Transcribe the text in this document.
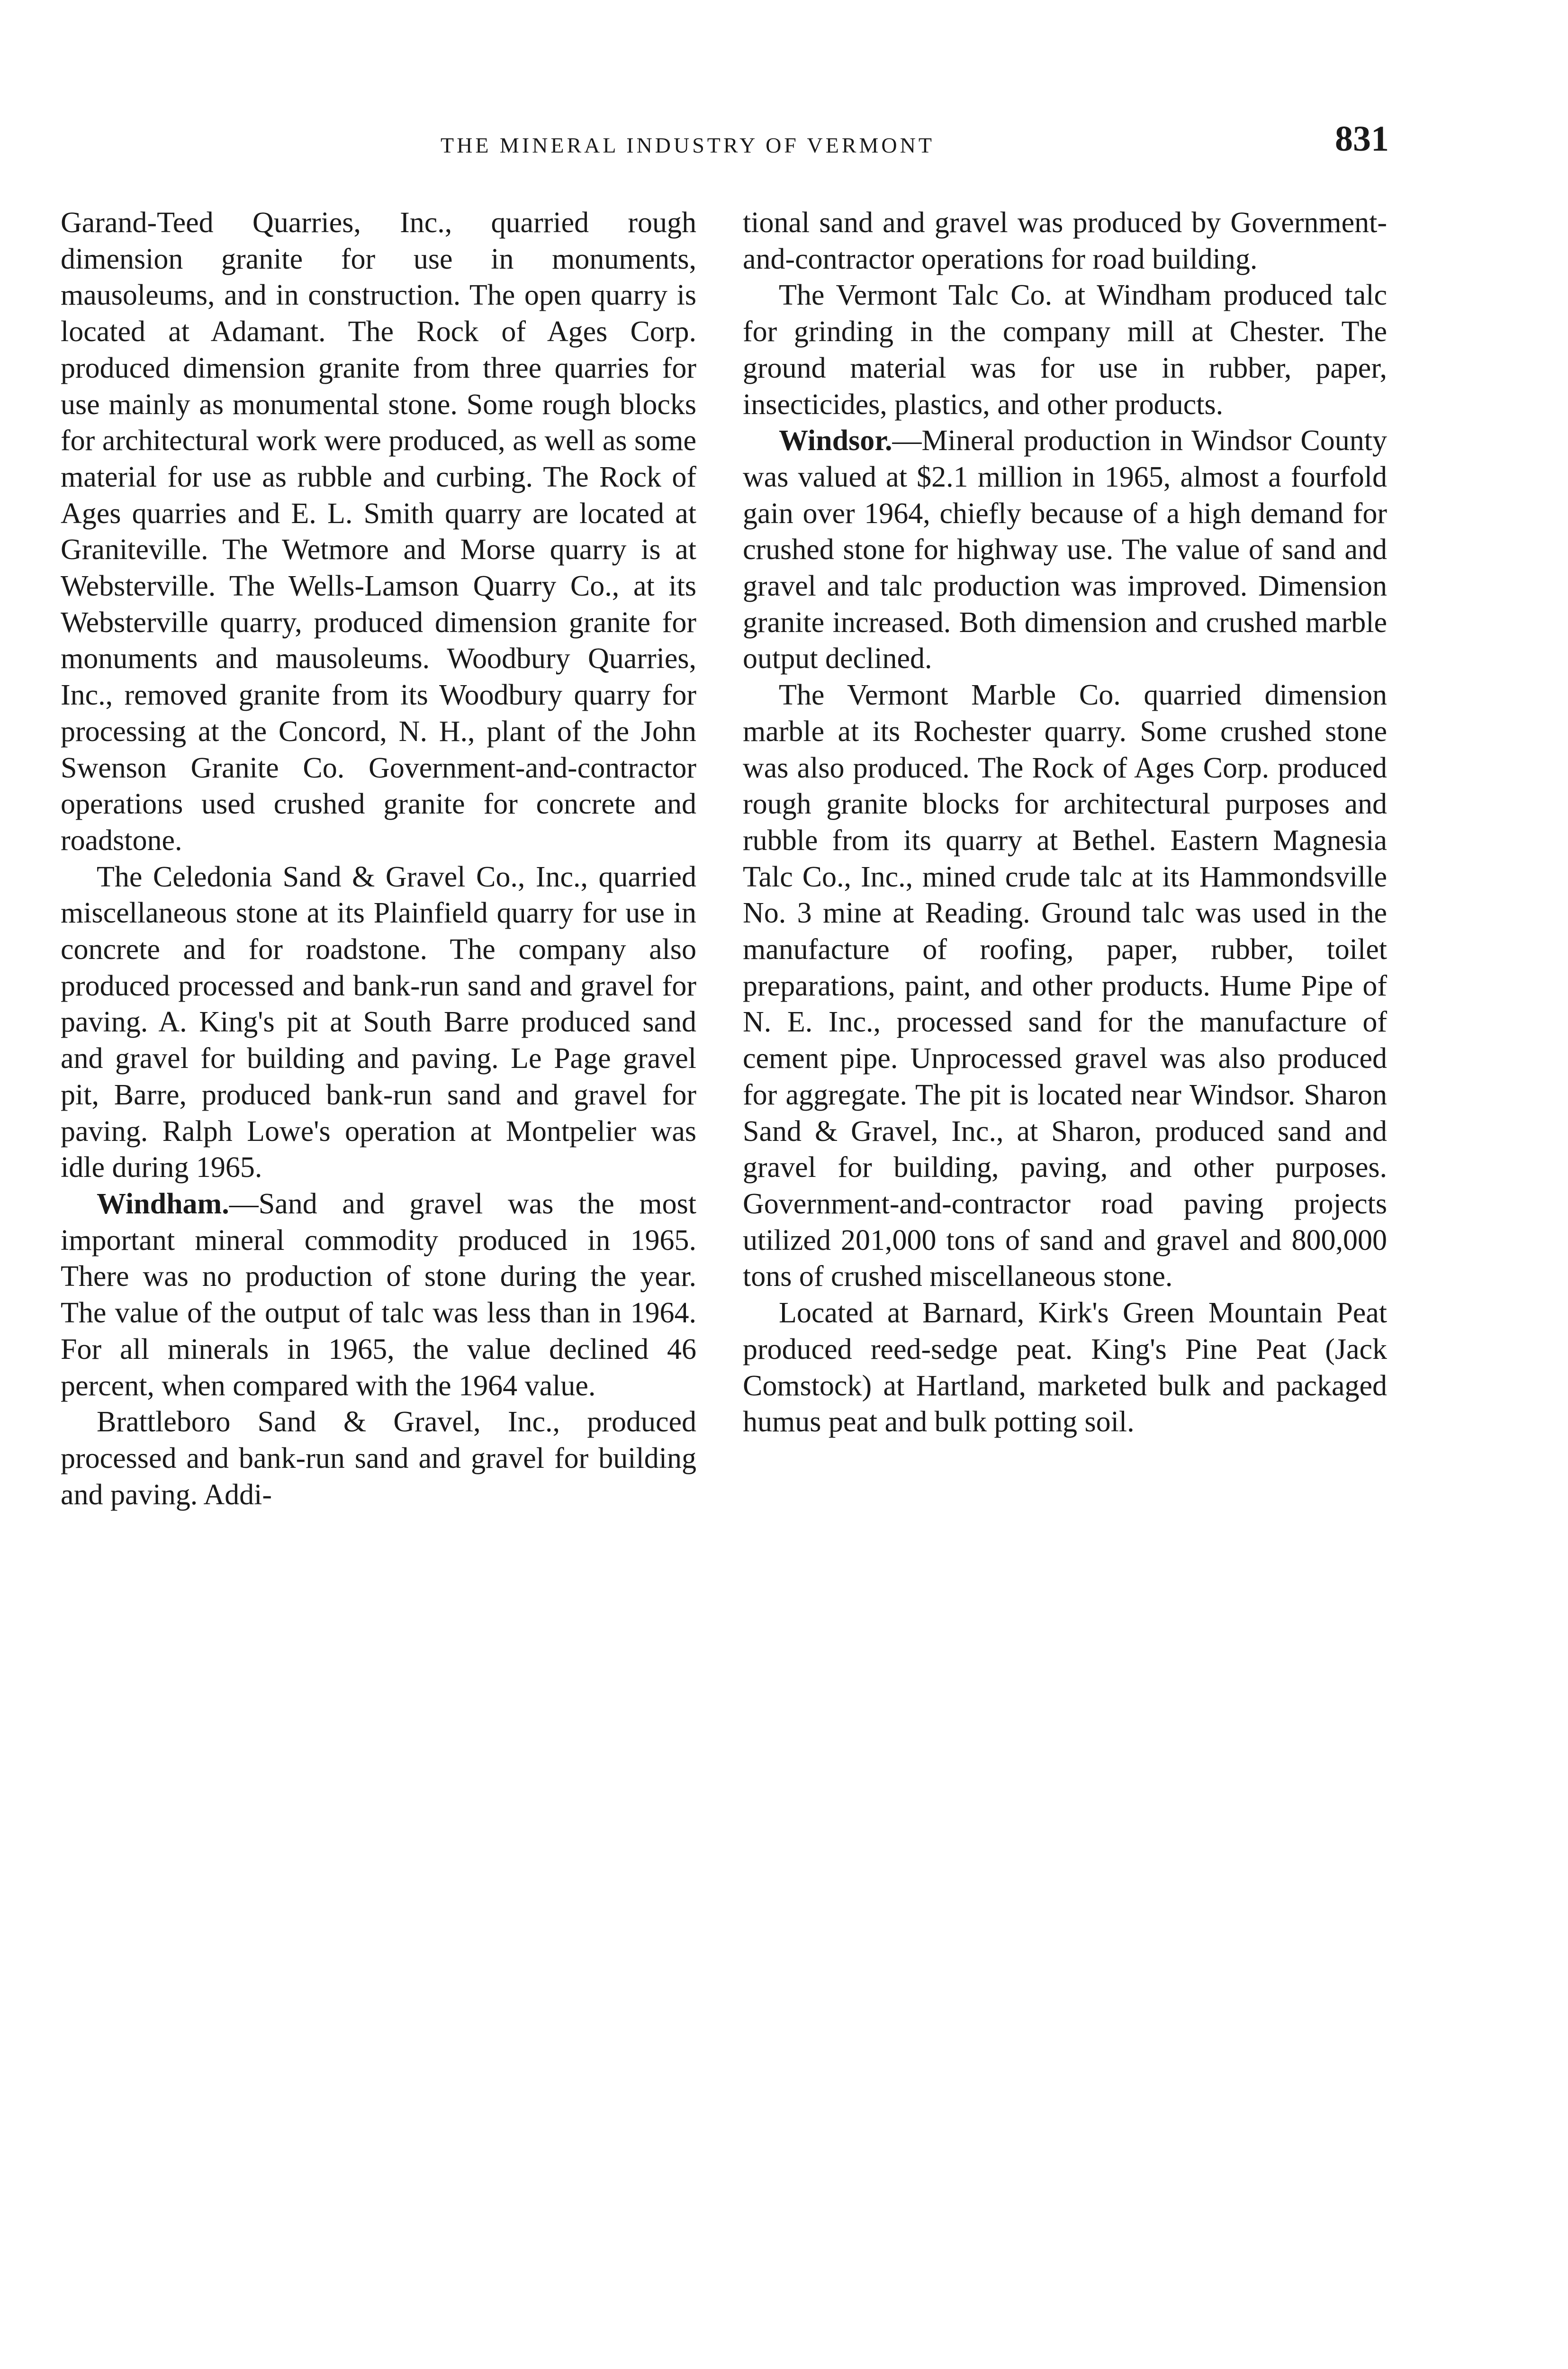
THE MINERAL INDUSTRY OF VERMONT	831

Garand-Teed Quarries, Inc., quarried rough dimension granite for use in monuments, mausoleums, and in construction. The open quarry is located at Adamant. The Rock of Ages Corp. produced dimension granite from three quarries for use mainly as monumental stone. Some rough blocks for architectural work were produced, as well as some material for use as rubble and curbing. The Rock of Ages quarries and E. L. Smith quarry are located at Graniteville. The Wetmore and Morse quarry is at Websterville. The Wells-Lamson Quarry Co., at its Websterville quarry, produced dimension granite for monuments and mausoleums. Woodbury Quarries, Inc., removed granite from its Woodbury quarry for processing at the Concord, N. H., plant of the John Swenson Granite Co. Government-and-contractor operations used crushed granite for concrete and roadstone.

The Celedonia Sand & Gravel Co., Inc., quarried miscellaneous stone at its Plainfield quarry for use in concrete and for roadstone. The company also produced processed and bank-run sand and gravel for paving. A. King's pit at South Barre produced sand and gravel for building and paving. Le Page gravel pit, Barre, produced bank-run sand and gravel for paving. Ralph Lowe's operation at Montpelier was idle during 1965.

Windham.—Sand and gravel was the most important mineral commodity produced in 1965. There was no production of stone during the year. The value of the output of talc was less than in 1964. For all minerals in 1965, the value declined 46 percent, when compared with the 1964 value.

Brattleboro Sand & Gravel, Inc., produced processed and bank-run sand and gravel for building and paving. Addi-

tional sand and gravel was produced by Government-and-contractor operations for road building.

The Vermont Talc Co. at Windham produced talc for grinding in the company mill at Chester. The ground material was for use in rubber, paper, insecticides, plastics, and other products.

Windsor.—Mineral production in Windsor County was valued at $2.1 million in 1965, almost a fourfold gain over 1964, chiefly because of a high demand for crushed stone for highway use. The value of sand and gravel and talc production was improved. Dimension granite increased. Both dimension and crushed marble output declined.

The Vermont Marble Co. quarried dimension marble at its Rochester quarry. Some crushed stone was also produced. The Rock of Ages Corp. produced rough granite blocks for architectural purposes and rubble from its quarry at Bethel. Eastern Magnesia Talc Co., Inc., mined crude talc at its Hammondsville No. 3 mine at Reading. Ground talc was used in the manufacture of roofing, paper, rubber, toilet preparations, paint, and other products. Hume Pipe of N. E. Inc., processed sand for the manufacture of cement pipe. Unprocessed gravel was also produced for aggregate. The pit is located near Windsor. Sharon Sand & Gravel, Inc., at Sharon, produced sand and gravel for building, paving, and other purposes. Government-and-contractor road paving projects utilized 201,000 tons of sand and gravel and 800,000 tons of crushed miscellaneous stone.

Located at Barnard, Kirk's Green Mountain Peat produced reed-sedge peat. King's Pine Peat (Jack Comstock) at Hartland, marketed bulk and packaged humus peat and bulk potting soil.
